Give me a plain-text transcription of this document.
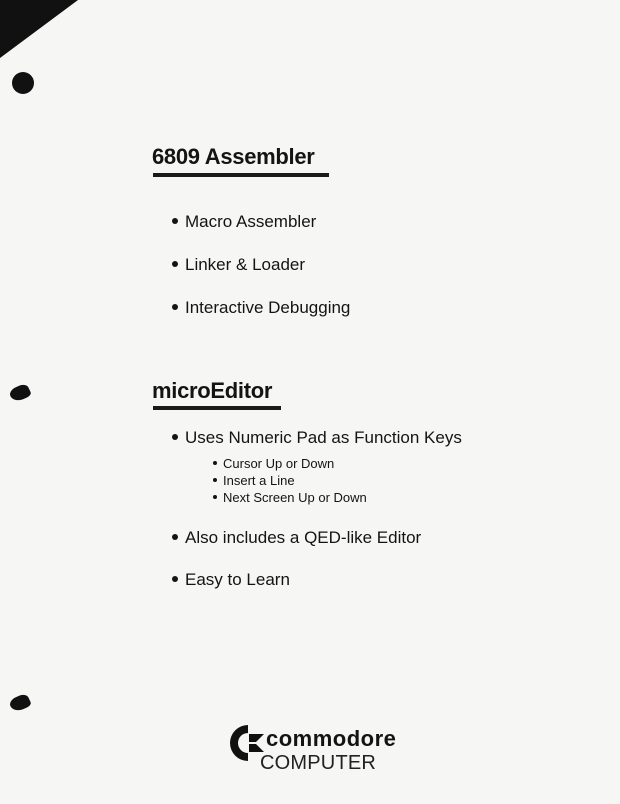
6809 Assembler

Macro Assembler

Linker & Loader

Interactive Debugging

microEditor

Uses Numeric Pad as Function Keys

Cursor Up or Down

Insert a Line

Next Screen Up or Down

Also includes a QED-like Editor

Easy to Learn

commodore

COMPUTER
